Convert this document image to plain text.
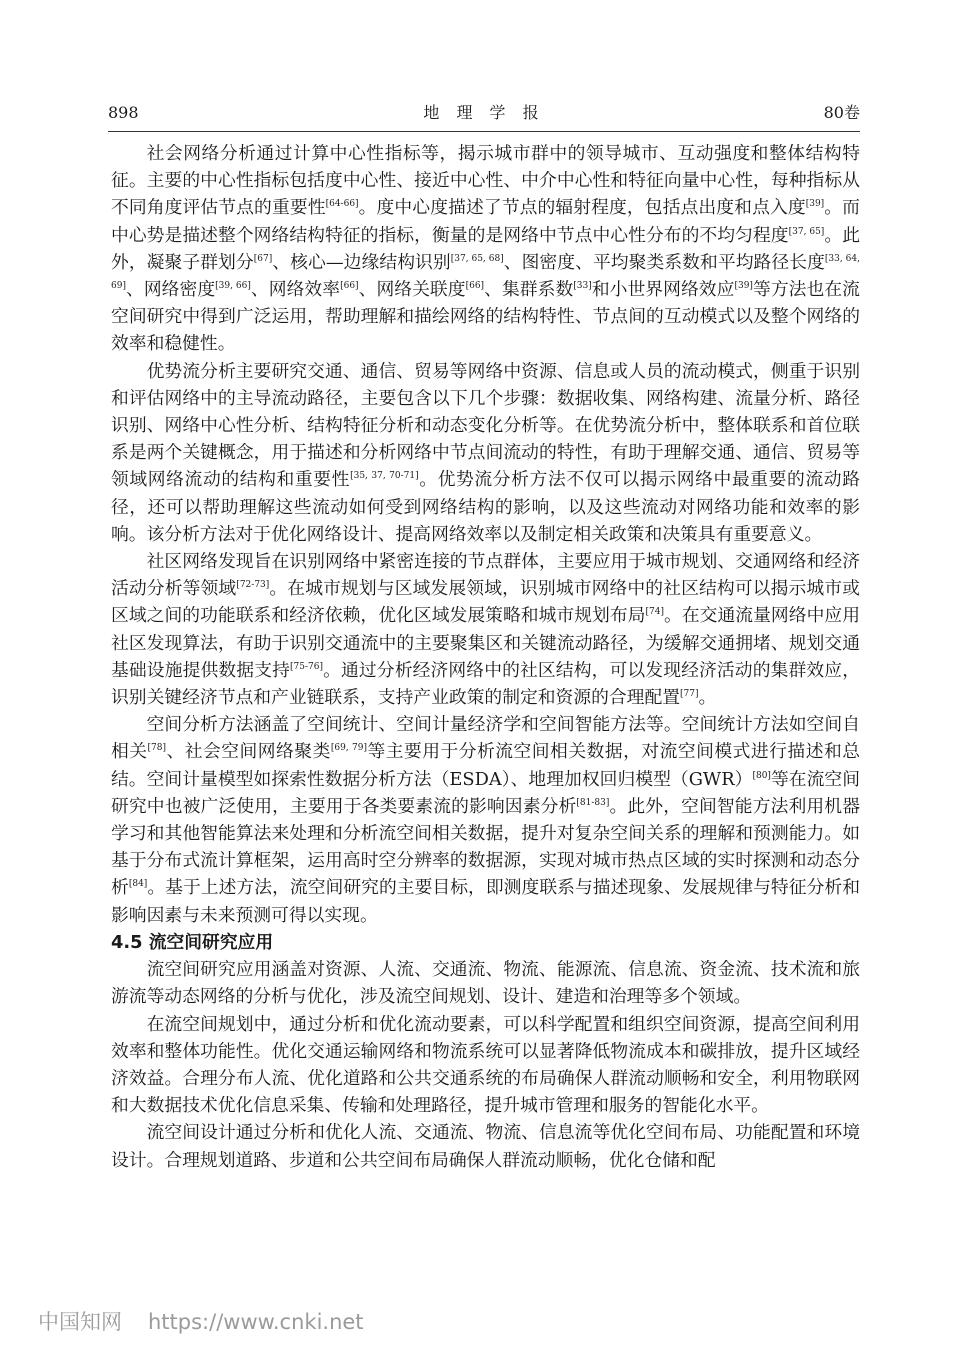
898	地 理 学 报	80卷

社会网络分析通过计算中心性指标等，揭示城市群中的领导城市、互动强度和整体结构特征。主要的中心性指标包括度中心性、接近中心性、中介中心性和特征向量中心性，每种指标从不同角度评估节点的重要性[64-66]。度中心度描述了节点的辐射程度，包括点出度和点入度[39]。而中心势是描述整个网络结构特征的指标，衡量的是网络中节点中心性分布的不均匀程度[37, 65]。此外，凝聚子群划分[67]、核心—边缘结构识别[37, 65, 68]、图密度、平均聚类系数和平均路径长度[33, 64, 69]、网络密度[39, 66]、网络效率[66]、网络关联度[66]、集群系数[33]和小世界网络效应[39]等方法也在流空间研究中得到广泛运用，帮助理解和描绘网络的结构特性、节点间的互动模式以及整个网络的效率和稳健性。

优势流分析主要研究交通、通信、贸易等网络中资源、信息或人员的流动模式，侧重于识别和评估网络中的主导流动路径，主要包含以下几个步骤：数据收集、网络构建、流量分析、路径识别、网络中心性分析、结构特征分析和动态变化分析等。在优势流分析中，整体联系和首位联系是两个关键概念，用于描述和分析网络中节点间流动的特性，有助于理解交通、通信、贸易等领域网络流动的结构和重要性[35, 37, 70-71]。优势流分析方法不仅可以揭示网络中最重要的流动路径，还可以帮助理解这些流动如何受到网络结构的影响，以及这些流动对网络功能和效率的影响。该分析方法对于优化网络设计、提高网络效率以及制定相关政策和决策具有重要意义。

社区网络发现旨在识别网络中紧密连接的节点群体，主要应用于城市规划、交通网络和经济活动分析等领域[72-73]。在城市规划与区域发展领域，识别城市网络中的社区结构可以揭示城市或区域之间的功能联系和经济依赖，优化区域发展策略和城市规划布局[74]。在交通流量网络中应用社区发现算法，有助于识别交通流中的主要聚集区和关键流动路径，为缓解交通拥堵、规划交通基础设施提供数据支持[75-76]。通过分析经济网络中的社区结构，可以发现经济活动的集群效应，识别关键经济节点和产业链联系，支持产业政策的制定和资源的合理配置[77]。

空间分析方法涵盖了空间统计、空间计量经济学和空间智能方法等。空间统计方法如空间自相关[78]、社会空间网络聚类[69, 79]等主要用于分析流空间相关数据，对流空间模式进行描述和总结。空间计量模型如探索性数据分析方法（ESDA）、地理加权回归模型（GWR）[80]等在流空间研究中也被广泛使用，主要用于各类要素流的影响因素分析[81-83]。此外，空间智能方法利用机器学习和其他智能算法来处理和分析流空间相关数据，提升对复杂空间关系的理解和预测能力。如基于分布式流计算框架，运用高时空分辨率的数据源，实现对城市热点区域的实时探测和动态分析[84]。基于上述方法，流空间研究的主要目标，即测度联系与描述现象、发展规律与特征分析和影响因素与未来预测可得以实现。

4.5 流空间研究应用

流空间研究应用涵盖对资源、人流、交通流、物流、能源流、信息流、资金流、技术流和旅游流等动态网络的分析与优化，涉及流空间规划、设计、建造和治理等多个领域。

在流空间规划中，通过分析和优化流动要素，可以科学配置和组织空间资源，提高空间利用效率和整体功能性。优化交通运输网络和物流系统可以显著降低物流成本和碳排放，提升区域经济效益。合理分布人流、优化道路和公共交通系统的布局确保人群流动顺畅和安全，利用物联网和大数据技术优化信息采集、传输和处理路径，提升城市管理和服务的智能化水平。

流空间设计通过分析和优化人流、交通流、物流、信息流等优化空间布局、功能配置和环境设计。合理规划道路、步道和公共空间布局确保人群流动顺畅，优化仓储和配

中国知网 https://www.cnki.net
